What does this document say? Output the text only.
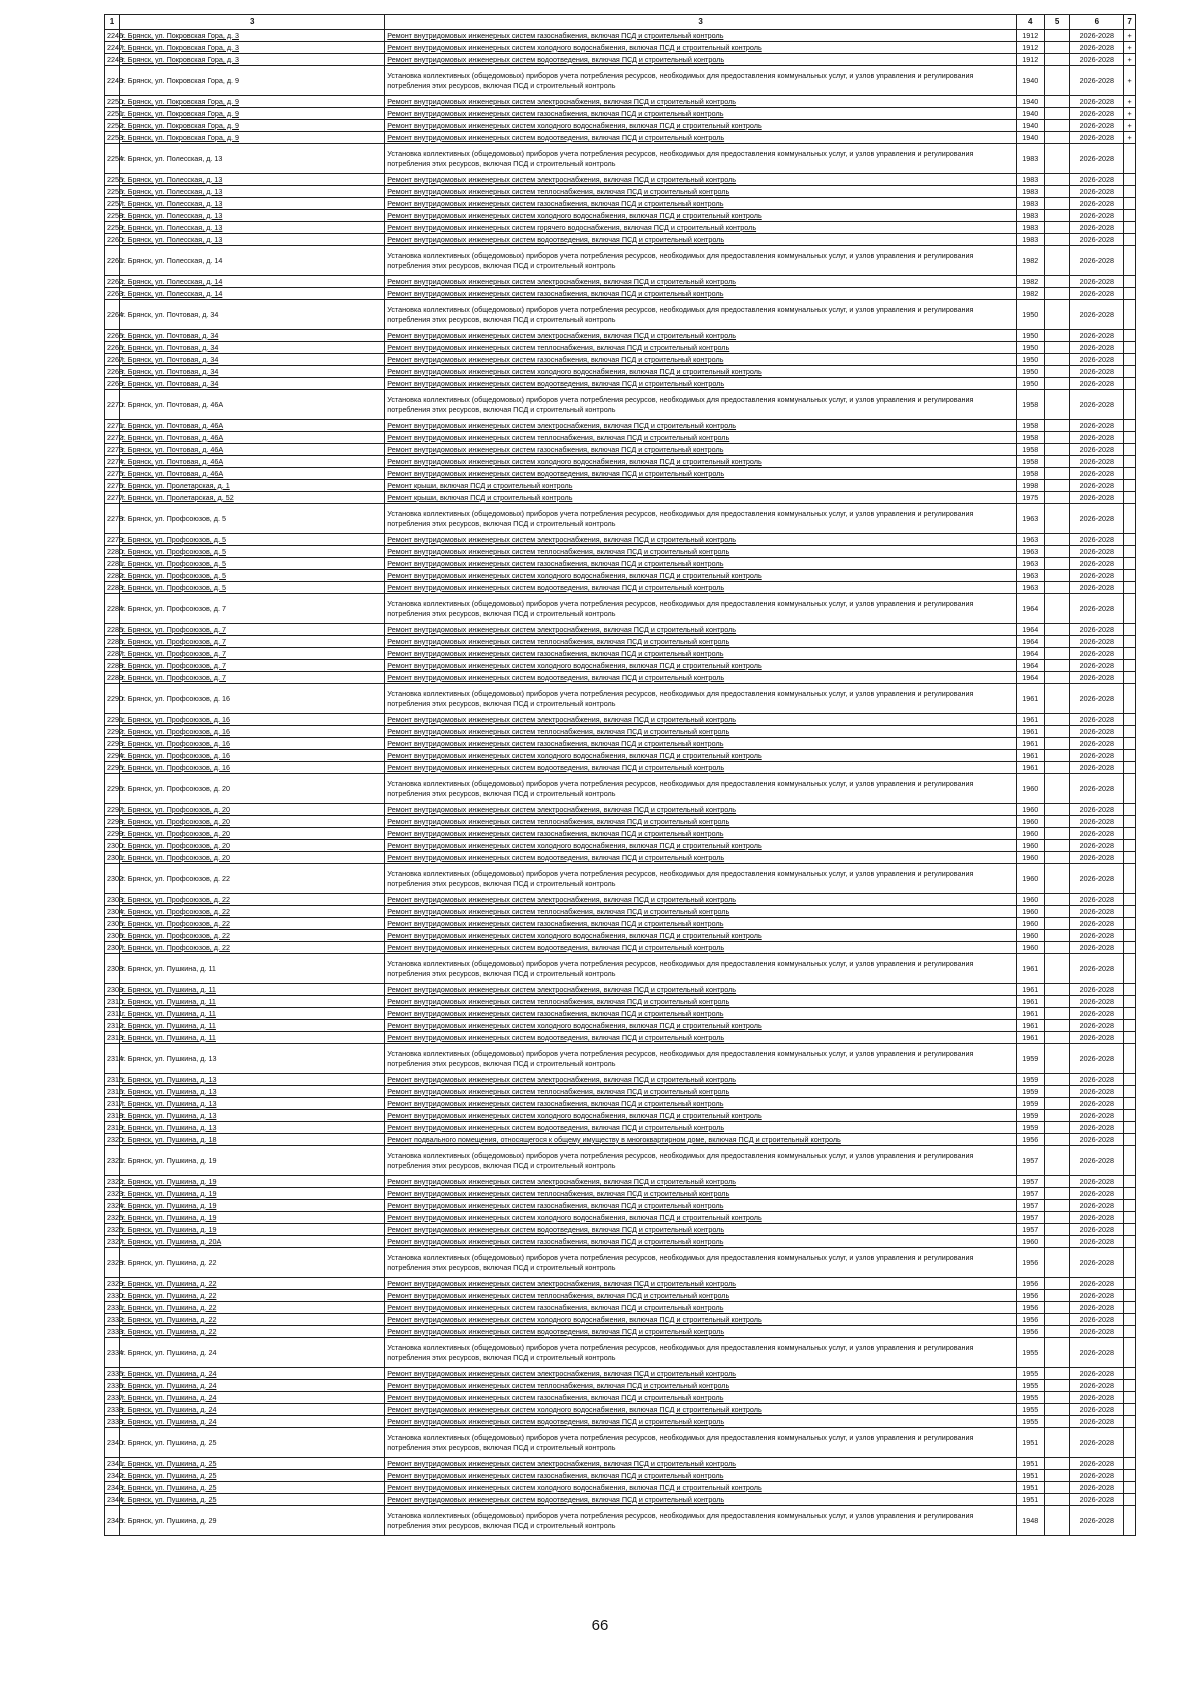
1	3	3	4	5	6	7
2246	г. Брянск, ул. Покровская Гора, д. 3	Ремонт внутридомовых инженерных систем газоснабжения, включая ПСД и строительный контроль	1912		2026-2028	+
2247	г. Брянск, ул. Покровская Гора, д. 3	Ремонт внутридомовых инженерных систем холодного водоснабжения, включая ПСД и строительный контроль	1912		2026-2028	+
2248	г. Брянск, ул. Покровская Гора, д. 3	Ремонт внутридомовых инженерных систем водоотведения, включая ПСД и строительный контроль	1912		2026-2028	+
2249	г. Брянск, ул. Покровская Гора, д. 9	Установка коллективных (общедомовых) приборов учета потребления ресурсов, необходимых для предоставления коммунальных услуг, и узлов управления и регулирования потребления этих ресурсов, включая ПСД и строительный контроль	1940		2026-2028	+
2250	г. Брянск, ул. Покровская Гора, д. 9	Ремонт внутридомовых инженерных систем электроснабжения, включая ПСД и строительный контроль	1940		2026-2028	+
2251	г. Брянск, ул. Покровская Гора, д. 9	Ремонт внутридомовых инженерных систем газоснабжения, включая ПСД и строительный контроль	1940		2026-2028	+
2252	г. Брянск, ул. Покровская Гора, д. 9	Ремонт внутридомовых инженерных систем холодного водоснабжения, включая ПСД и строительный контроль	1940		2026-2028	+
2253	г. Брянск, ул. Покровская Гора, д. 9	Ремонт внутридомовых инженерных систем водоотведения, включая ПСД и строительный контроль	1940		2026-2028	+
2254	г. Брянск, ул. Полесская, д. 13	Установка коллективных (общедомовых) приборов учета потребления ресурсов, необходимых для предоставления коммунальных услуг, и узлов управления и регулирования потребления этих ресурсов, включая ПСД и строительный контроль	1983		2026-2028	
2255	г. Брянск, ул. Полесская, д. 13	Ремонт внутридомовых инженерных систем электроснабжения, включая ПСД и строительный контроль	1983		2026-2028	
2256	г. Брянск, ул. Полесская, д. 13	Ремонт внутридомовых инженерных систем теплоснабжения, включая ПСД и строительный контроль	1983		2026-2028	
2257	г. Брянск, ул. Полесская, д. 13	Ремонт внутридомовых инженерных систем газоснабжения, включая ПСД и строительный контроль	1983		2026-2028	
2258	г. Брянск, ул. Полесская, д. 13	Ремонт внутридомовых инженерных систем холодного водоснабжения, включая ПСД и строительный контроль	1983		2026-2028	
2259	г. Брянск, ул. Полесская, д. 13	Ремонт внутридомовых инженерных систем горячего водоснабжения, включая ПСД и строительный контроль	1983		2026-2028	
2260	г. Брянск, ул. Полесская, д. 13	Ремонт внутридомовых инженерных систем водоотведения, включая ПСД и строительный контроль	1983		2026-2028	
2261	г. Брянск, ул. Полесская, д. 14	Установка коллективных (общедомовых) приборов учета потребления ресурсов, необходимых для предоставления коммунальных услуг, и узлов управления и регулирования потребления этих ресурсов, включая ПСД и строительный контроль	1982		2026-2028	
2262	г. Брянск, ул. Полесская, д. 14	Ремонт внутридомовых инженерных систем электроснабжения, включая ПСД и строительный контроль	1982		2026-2028	
2263	г. Брянск, ул. Полесская, д. 14	Ремонт внутридомовых инженерных систем газоснабжения, включая ПСД и строительный контроль	1982		2026-2028	
2264	г. Брянск, ул. Почтовая, д. 34	Установка коллективных (общедомовых) приборов учета потребления ресурсов, необходимых для предоставления коммунальных услуг, и узлов управления и регулирования потребления этих ресурсов, включая ПСД и строительный контроль	1950		2026-2028	
2265	г. Брянск, ул. Почтовая, д. 34	Ремонт внутридомовых инженерных систем электроснабжения, включая ПСД и строительный контроль	1950		2026-2028	
2266	г. Брянск, ул. Почтовая, д. 34	Ремонт внутридомовых инженерных систем теплоснабжения, включая ПСД и строительный контроль	1950		2026-2028	
2267	г. Брянск, ул. Почтовая, д. 34	Ремонт внутридомовых инженерных систем газоснабжения, включая ПСД и строительный контроль	1950		2026-2028	
2268	г. Брянск, ул. Почтовая, д. 34	Ремонт внутридомовых инженерных систем холодного водоснабжения, включая ПСД и строительный контроль	1950		2026-2028	
2269	г. Брянск, ул. Почтовая, д. 34	Ремонт внутридомовых инженерных систем водоотведения, включая ПСД и строительный контроль	1950		2026-2028	
2270	г. Брянск, ул. Почтовая, д. 46А	Установка коллективных (общедомовых) приборов учета потребления ресурсов, необходимых для предоставления коммунальных услуг, и узлов управления и регулирования потребления этих ресурсов, включая ПСД и строительный контроль	1958		2026-2028	
2271	г. Брянск, ул. Почтовая, д. 46А	Ремонт внутридомовых инженерных систем электроснабжения, включая ПСД и строительный контроль	1958		2026-2028	
2272	г. Брянск, ул. Почтовая, д. 46А	Ремонт внутридомовых инженерных систем теплоснабжения, включая ПСД и строительный контроль	1958		2026-2028	
2273	г. Брянск, ул. Почтовая, д. 46А	Ремонт внутридомовых инженерных систем газоснабжения, включая ПСД и строительный контроль	1958		2026-2028	
2274	г. Брянск, ул. Почтовая, д. 46А	Ремонт внутридомовых инженерных систем холодного водоснабжения, включая ПСД и строительный контроль	1958		2026-2028	
2275	г. Брянск, ул. Почтовая, д. 46А	Ремонт внутридомовых инженерных систем водоотведения, включая ПСД и строительный контроль	1958		2026-2028	
2276	г. Брянск, ул. Пролетарская, д. 1	Ремонт крыши, включая ПСД и строительный контроль	1998		2026-2028	
2277	г. Брянск, ул. Пролетарская, д. 52	Ремонт крыши, включая ПСД и строительный контроль	1975		2026-2028	
2278	г. Брянск, ул. Профсоюзов, д. 5	Установка коллективных (общедомовых) приборов учета потребления ресурсов, необходимых для предоставления коммунальных услуг, и узлов управления и регулирования потребления этих ресурсов, включая ПСД и строительный контроль	1963		2026-2028	
2279	г. Брянск, ул. Профсоюзов, д. 5	Ремонт внутридомовых инженерных систем электроснабжения, включая ПСД и строительный контроль	1963		2026-2028	
2280	г. Брянск, ул. Профсоюзов, д. 5	Ремонт внутридомовых инженерных систем теплоснабжения, включая ПСД и строительный контроль	1963		2026-2028	
2281	г. Брянск, ул. Профсоюзов, д. 5	Ремонт внутридомовых инженерных систем газоснабжения, включая ПСД и строительный контроль	1963		2026-2028	
2282	г. Брянск, ул. Профсоюзов, д. 5	Ремонт внутридомовых инженерных систем холодного водоснабжения, включая ПСД и строительный контроль	1963		2026-2028	
2283	г. Брянск, ул. Профсоюзов, д. 5	Ремонт внутридомовых инженерных систем водоотведения, включая ПСД и строительный контроль	1963		2026-2028	
2284	г. Брянск, ул. Профсоюзов, д. 7	Установка коллективных (общедомовых) приборов учета потребления ресурсов, необходимых для предоставления коммунальных услуг, и узлов управления и регулирования потребления этих ресурсов, включая ПСД и строительный контроль	1964		2026-2028	
2285	г. Брянск, ул. Профсоюзов, д. 7	Ремонт внутридомовых инженерных систем электроснабжения, включая ПСД и строительный контроль	1964		2026-2028	
2286	г. Брянск, ул. Профсоюзов, д. 7	Ремонт внутридомовых инженерных систем теплоснабжения, включая ПСД и строительный контроль	1964		2026-2028	
2287	г. Брянск, ул. Профсоюзов, д. 7	Ремонт внутридомовых инженерных систем газоснабжения, включая ПСД и строительный контроль	1964		2026-2028	
2288	г. Брянск, ул. Профсоюзов, д. 7	Ремонт внутридомовых инженерных систем холодного водоснабжения, включая ПСД и строительный контроль	1964		2026-2028	
2289	г. Брянск, ул. Профсоюзов, д. 7	Ремонт внутридомовых инженерных систем водоотведения, включая ПСД и строительный контроль	1964		2026-2028	
2290	г. Брянск, ул. Профсоюзов, д. 16	Установка коллективных (общедомовых) приборов учета потребления ресурсов, необходимых для предоставления коммунальных услуг, и узлов управления и регулирования потребления этих ресурсов, включая ПСД и строительный контроль	1961		2026-2028	
2291	г. Брянск, ул. Профсоюзов, д. 16	Ремонт внутридомовых инженерных систем электроснабжения, включая ПСД и строительный контроль	1961		2026-2028	
2292	г. Брянск, ул. Профсоюзов, д. 16	Ремонт внутридомовых инженерных систем теплоснабжения, включая ПСД и строительный контроль	1961		2026-2028	
2293	г. Брянск, ул. Профсоюзов, д. 16	Ремонт внутридомовых инженерных систем газоснабжения, включая ПСД и строительный контроль	1961		2026-2028	
2294	г. Брянск, ул. Профсоюзов, д. 16	Ремонт внутридомовых инженерных систем холодного водоснабжения, включая ПСД и строительный контроль	1961		2026-2028	
2295	г. Брянск, ул. Профсоюзов, д. 16	Ремонт внутридомовых инженерных систем водоотведения, включая ПСД и строительный контроль	1961		2026-2028	
2296	г. Брянск, ул. Профсоюзов, д. 20	Установка коллективных (общедомовых) приборов учета потребления ресурсов, необходимых для предоставления коммунальных услуг, и узлов управления и регулирования потребления этих ресурсов, включая ПСД и строительный контроль	1960		2026-2028	
2297	г. Брянск, ул. Профсоюзов, д. 20	Ремонт внутридомовых инженерных систем электроснабжения, включая ПСД и строительный контроль	1960		2026-2028	
2298	г. Брянск, ул. Профсоюзов, д. 20	Ремонт внутридомовых инженерных систем теплоснабжения, включая ПСД и строительный контроль	1960		2026-2028	
2299	г. Брянск, ул. Профсоюзов, д. 20	Ремонт внутридомовых инженерных систем газоснабжения, включая ПСД и строительный контроль	1960		2026-2028	
2300	г. Брянск, ул. Профсоюзов, д. 20	Ремонт внутридомовых инженерных систем холодного водоснабжения, включая ПСД и строительный контроль	1960		2026-2028	
2301	г. Брянск, ул. Профсоюзов, д. 20	Ремонт внутридомовых инженерных систем водоотведения, включая ПСД и строительный контроль	1960		2026-2028	
2302	г. Брянск, ул. Профсоюзов, д. 22	Установка коллективных (общедомовых) приборов учета потребления ресурсов, необходимых для предоставления коммунальных услуг, и узлов управления и регулирования потребления этих ресурсов, включая ПСД и строительный контроль	1960		2026-2028	
2303	г. Брянск, ул. Профсоюзов, д. 22	Ремонт внутридомовых инженерных систем электроснабжения, включая ПСД и строительный контроль	1960		2026-2028	
2304	г. Брянск, ул. Профсоюзов, д. 22	Ремонт внутридомовых инженерных систем теплоснабжения, включая ПСД и строительный контроль	1960		2026-2028	
2305	г. Брянск, ул. Профсоюзов, д. 22	Ремонт внутридомовых инженерных систем газоснабжения, включая ПСД и строительный контроль	1960		2026-2028	
2306	г. Брянск, ул. Профсоюзов, д. 22	Ремонт внутридомовых инженерных систем холодного водоснабжения, включая ПСД и строительный контроль	1960		2026-2028	
2307	г. Брянск, ул. Профсоюзов, д. 22	Ремонт внутридомовых инженерных систем водоотведения, включая ПСД и строительный контроль	1960		2026-2028	
2308	г. Брянск, ул. Пушкина, д. 11	Установка коллективных (общедомовых) приборов учета потребления ресурсов, необходимых для предоставления коммунальных услуг, и узлов управления и регулирования потребления этих ресурсов, включая ПСД и строительный контроль	1961		2026-2028	
2309	г. Брянск, ул. Пушкина, д. 11	Ремонт внутридомовых инженерных систем электроснабжения, включая ПСД и строительный контроль	1961		2026-2028	
2310	г. Брянск, ул. Пушкина, д. 11	Ремонт внутридомовых инженерных систем теплоснабжения, включая ПСД и строительный контроль	1961		2026-2028	
2311	г. Брянск, ул. Пушкина, д. 11	Ремонт внутридомовых инженерных систем газоснабжения, включая ПСД и строительный контроль	1961		2026-2028	
2312	г. Брянск, ул. Пушкина, д. 11	Ремонт внутридомовых инженерных систем холодного водоснабжения, включая ПСД и строительный контроль	1961		2026-2028	
2313	г. Брянск, ул. Пушкина, д. 11	Ремонт внутридомовых инженерных систем водоотведения, включая ПСД и строительный контроль	1961		2026-2028	
2314	г. Брянск, ул. Пушкина, д. 13	Установка коллективных (общедомовых) приборов учета потребления ресурсов, необходимых для предоставления коммунальных услуг, и узлов управления и регулирования потребления этих ресурсов, включая ПСД и строительный контроль	1959		2026-2028	
2315	г. Брянск, ул. Пушкина, д. 13	Ремонт внутридомовых инженерных систем электроснабжения, включая ПСД и строительный контроль	1959		2026-2028	
2316	г. Брянск, ул. Пушкина, д. 13	Ремонт внутридомовых инженерных систем теплоснабжения, включая ПСД и строительный контроль	1959		2026-2028	
2317	г. Брянск, ул. Пушкина, д. 13	Ремонт внутридомовых инженерных систем газоснабжения, включая ПСД и строительный контроль	1959		2026-2028	
2318	г. Брянск, ул. Пушкина, д. 13	Ремонт внутридомовых инженерных систем холодного водоснабжения, включая ПСД и строительный контроль	1959		2026-2028	
2319	г. Брянск, ул. Пушкина, д. 13	Ремонт внутридомовых инженерных систем водоотведения, включая ПСД и строительный контроль	1959		2026-2028	
2320	г. Брянск, ул. Пушкина, д. 18	Ремонт подвального помещения, относящегося к общему имуществу в многоквартирном доме, включая ПСД и строительный контроль	1956		2026-2028	
2321	г. Брянск, ул. Пушкина, д. 19	Установка коллективных (общедомовых) приборов учета потребления ресурсов, необходимых для предоставления коммунальных услуг, и узлов управления и регулирования потребления этих ресурсов, включая ПСД и строительный контроль	1957		2026-2028	
2322	г. Брянск, ул. Пушкина, д. 19	Ремонт внутридомовых инженерных систем электроснабжения, включая ПСД и строительный контроль	1957		2026-2028	
2323	г. Брянск, ул. Пушкина, д. 19	Ремонт внутридомовых инженерных систем теплоснабжения, включая ПСД и строительный контроль	1957		2026-2028	
2324	г. Брянск, ул. Пушкина, д. 19	Ремонт внутридомовых инженерных систем газоснабжения, включая ПСД и строительный контроль	1957		2026-2028	
2325	г. Брянск, ул. Пушкина, д. 19	Ремонт внутридомовых инженерных систем холодного водоснабжения, включая ПСД и строительный контроль	1957		2026-2028	
2326	г. Брянск, ул. Пушкина, д. 19	Ремонт внутридомовых инженерных систем водоотведения, включая ПСД и строительный контроль	1957		2026-2028	
2327	г. Брянск, ул. Пушкина, д. 20А	Ремонт внутридомовых инженерных систем газоснабжения, включая ПСД и строительный контроль	1960		2026-2028	
2328	г. Брянск, ул. Пушкина, д. 22	Установка коллективных (общедомовых) приборов учета потребления ресурсов, необходимых для предоставления коммунальных услуг, и узлов управления и регулирования потребления этих ресурсов, включая ПСД и строительный контроль	1956		2026-2028	
2329	г. Брянск, ул. Пушкина, д. 22	Ремонт внутридомовых инженерных систем электроснабжения, включая ПСД и строительный контроль	1956		2026-2028	
2330	г. Брянск, ул. Пушкина, д. 22	Ремонт внутридомовых инженерных систем теплоснабжения, включая ПСД и строительный контроль	1956		2026-2028	
2331	г. Брянск, ул. Пушкина, д. 22	Ремонт внутридомовых инженерных систем газоснабжения, включая ПСД и строительный контроль	1956		2026-2028	
2332	г. Брянск, ул. Пушкина, д. 22	Ремонт внутридомовых инженерных систем холодного водоснабжения, включая ПСД и строительный контроль	1956		2026-2028	
2333	г. Брянск, ул. Пушкина, д. 22	Ремонт внутридомовых инженерных систем водоотведения, включая ПСД и строительный контроль	1956		2026-2028	
2334	г. Брянск, ул. Пушкина, д. 24	Установка коллективных (общедомовых) приборов учета потребления ресурсов, необходимых для предоставления коммунальных услуг, и узлов управления и регулирования потребления этих ресурсов, включая ПСД и строительный контроль	1955		2026-2028	
2335	г. Брянск, ул. Пушкина, д. 24	Ремонт внутридомовых инженерных систем электроснабжения, включая ПСД и строительный контроль	1955		2026-2028	
2336	г. Брянск, ул. Пушкина, д. 24	Ремонт внутридомовых инженерных систем теплоснабжения, включая ПСД и строительный контроль	1955		2026-2028	
2337	г. Брянск, ул. Пушкина, д. 24	Ремонт внутридомовых инженерных систем газоснабжения, включая ПСД и строительный контроль	1955		2026-2028	
2338	г. Брянск, ул. Пушкина, д. 24	Ремонт внутридомовых инженерных систем холодного водоснабжения, включая ПСД и строительный контроль	1955		2026-2028	
2339	г. Брянск, ул. Пушкина, д. 24	Ремонт внутридомовых инженерных систем водоотведения, включая ПСД и строительный контроль	1955		2026-2028	
2340	г. Брянск, ул. Пушкина, д. 25	Установка коллективных (общедомовых) приборов учета потребления ресурсов, необходимых для предоставления коммунальных услуг, и узлов управления и регулирования потребления этих ресурсов, включая ПСД и строительный контроль	1951		2026-2028	
2341	г. Брянск, ул. Пушкина, д. 25	Ремонт внутридомовых инженерных систем электроснабжения, включая ПСД и строительный контроль	1951		2026-2028	
2342	г. Брянск, ул. Пушкина, д. 25	Ремонт внутридомовых инженерных систем газоснабжения, включая ПСД и строительный контроль	1951		2026-2028	
2343	г. Брянск, ул. Пушкина, д. 25	Ремонт внутридомовых инженерных систем холодного водоснабжения, включая ПСД и строительный контроль	1951		2026-2028	
2344	г. Брянск, ул. Пушкина, д. 25	Ремонт внутридомовых инженерных систем водоотведения, включая ПСД и строительный контроль	1951		2026-2028	
2345	г. Брянск, ул. Пушкина, д. 29	Установка коллективных (общедомовых) приборов учета потребления ресурсов, необходимых для предоставления коммунальных услуг, и узлов управления и регулирования потребления этих ресурсов, включая ПСД и строительный контроль	1948		2026-2028	
66
